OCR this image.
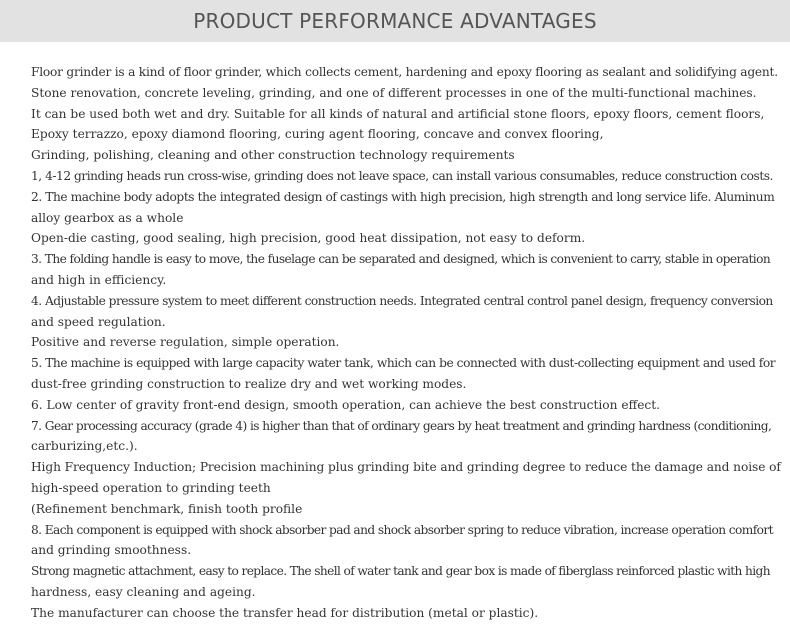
PRODUCT PERFORMANCE ADVANTAGES
Floor grinder is a kind of floor grinder, which collects cement, hardening and epoxy flooring as sealant and solidifying agent.
Stone renovation, concrete leveling, grinding, and one of different processes in one of the multi-functional machines.
It can be used both wet and dry. Suitable for all kinds of natural and artificial stone floors, epoxy floors, cement floors,
Epoxy terrazzo, epoxy diamond flooring, curing agent flooring, concave and convex flooring,
Grinding, polishing, cleaning and other construction technology requirements
1, 4-12 grinding heads run cross-wise, grinding does not leave space, can install various consumables, reduce construction costs.
2. The machine body adopts the integrated design of castings with high precision, high strength and long service life. Aluminum
alloy gearbox as a whole
Open-die casting, good sealing, high precision, good heat dissipation, not easy to deform.
3. The folding handle is easy to move, the fuselage can be separated and designed, which is convenient to carry, stable in operation
and high in efficiency.
4. Adjustable pressure system to meet different construction needs. Integrated central control panel design, frequency conversion
and speed regulation.
Positive and reverse regulation, simple operation.
5. The machine is equipped with large capacity water tank, which can be connected with dust-collecting equipment and used for
dust-free grinding construction to realize dry and wet working modes.
6. Low center of gravity front-end design, smooth operation, can achieve the best construction effect.
7. Gear processing accuracy (grade 4) is higher than that of ordinary gears by heat treatment and grinding hardness (conditioning,
carburizing,etc.).
High Frequency Induction; Precision machining plus grinding bite and grinding degree to reduce the damage and noise of
high-speed operation to grinding teeth
(Refinement benchmark, finish tooth profile
8. Each component is equipped with shock absorber pad and shock absorber spring to reduce vibration, increase operation comfort
and grinding smoothness.
Strong magnetic attachment, easy to replace. The shell of water tank and gear box is made of fiberglass reinforced plastic with high
hardness, easy cleaning and ageing.
The manufacturer can choose the transfer head for distribution (metal or plastic).
